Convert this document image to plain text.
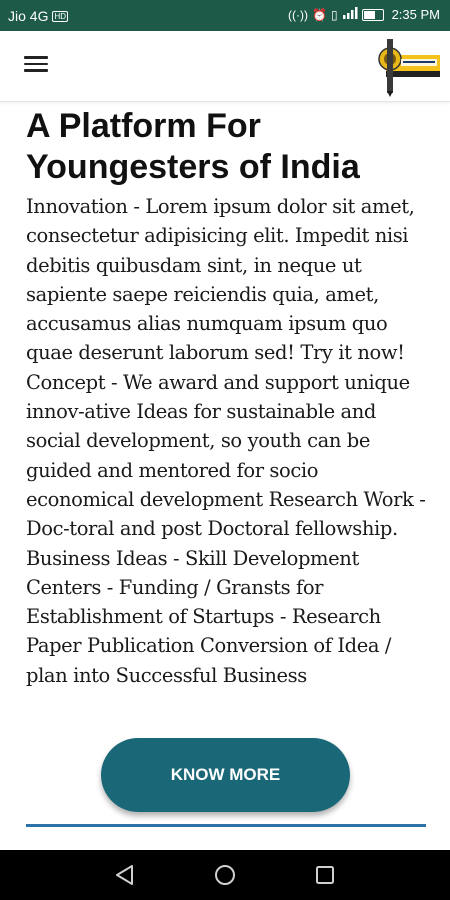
Jio 4G HD	((·)) ⏰ ▯	2:35 PM
A Platform For
Youngesters of India

Innovation - Lorem ipsum dolor sit amet, consectetur adipisicing elit. Impedit nisi debitis quibusdam sint, in neque ut sapiente saepe reiciendis quia, amet, accusamus alias numquam ipsum quo quae deserunt laborum sed! Try it now! Concept - We award and support unique innov-ative Ideas for sustainable and social development, so youth can be guided and mentored for socio economical development Research Work - Doc-toral and post Doctoral fellowship. Business Ideas - Skill Development Centers - Funding / Gransts for Establishment of Startups - Research Paper Publication Conversion of Idea / plan into Successful Business

KNOW MORE
